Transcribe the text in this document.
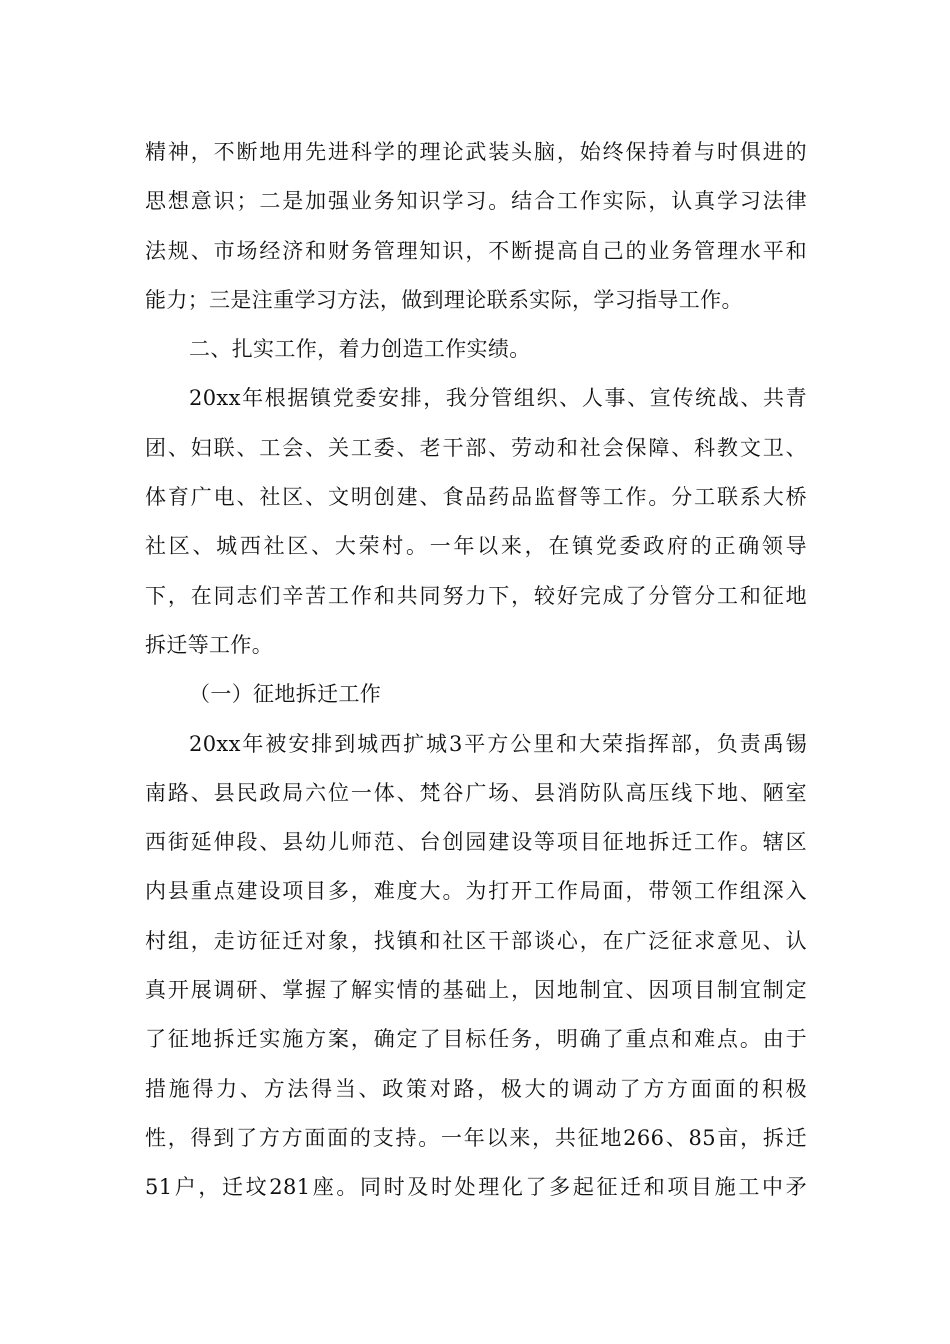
精神，不断地用先进科学的理论武装头脑，始终保持着与时俱进的
思想意识；二是加强业务知识学习。结合工作实际，认真学习法律
法规、市场经济和财务管理知识，不断提高自己的业务管理水平和
能力；三是注重学习方法，做到理论联系实际，学习指导工作。
二、扎实工作，着力创造工作实绩。
20xx年根据镇党委安排，我分管组织、人事、宣传统战、共青
团、妇联、工会、关工委、老干部、劳动和社会保障、科教文卫、
体育广电、社区、文明创建、食品药品监督等工作。分工联系大桥
社区、城西社区、大荣村。一年以来，在镇党委政府的正确领导
下，在同志们辛苦工作和共同努力下，较好完成了分管分工和征地
拆迁等工作。
（一）征地拆迁工作
20xx年被安排到城西扩城3平方公里和大荣指挥部，负责禹锡
南路、县民政局六位一体、梵谷广场、县消防队高压线下地、陋室
西街延伸段、县幼儿师范、台创园建设等项目征地拆迁工作。辖区
内县重点建设项目多，难度大。为打开工作局面，带领工作组深入
村组，走访征迁对象，找镇和社区干部谈心，在广泛征求意见、认
真开展调研、掌握了解实情的基础上，因地制宜、因项目制宜制定
了征地拆迁实施方案，确定了目标任务，明确了重点和难点。由于
措施得力、方法得当、政策对路，极大的调动了方方面面的积极
性，得到了方方面面的支持。一年以来，共征地266、85亩，拆迁
51户，迁坟281座。同时及时处理化了多起征迁和项目施工中矛
